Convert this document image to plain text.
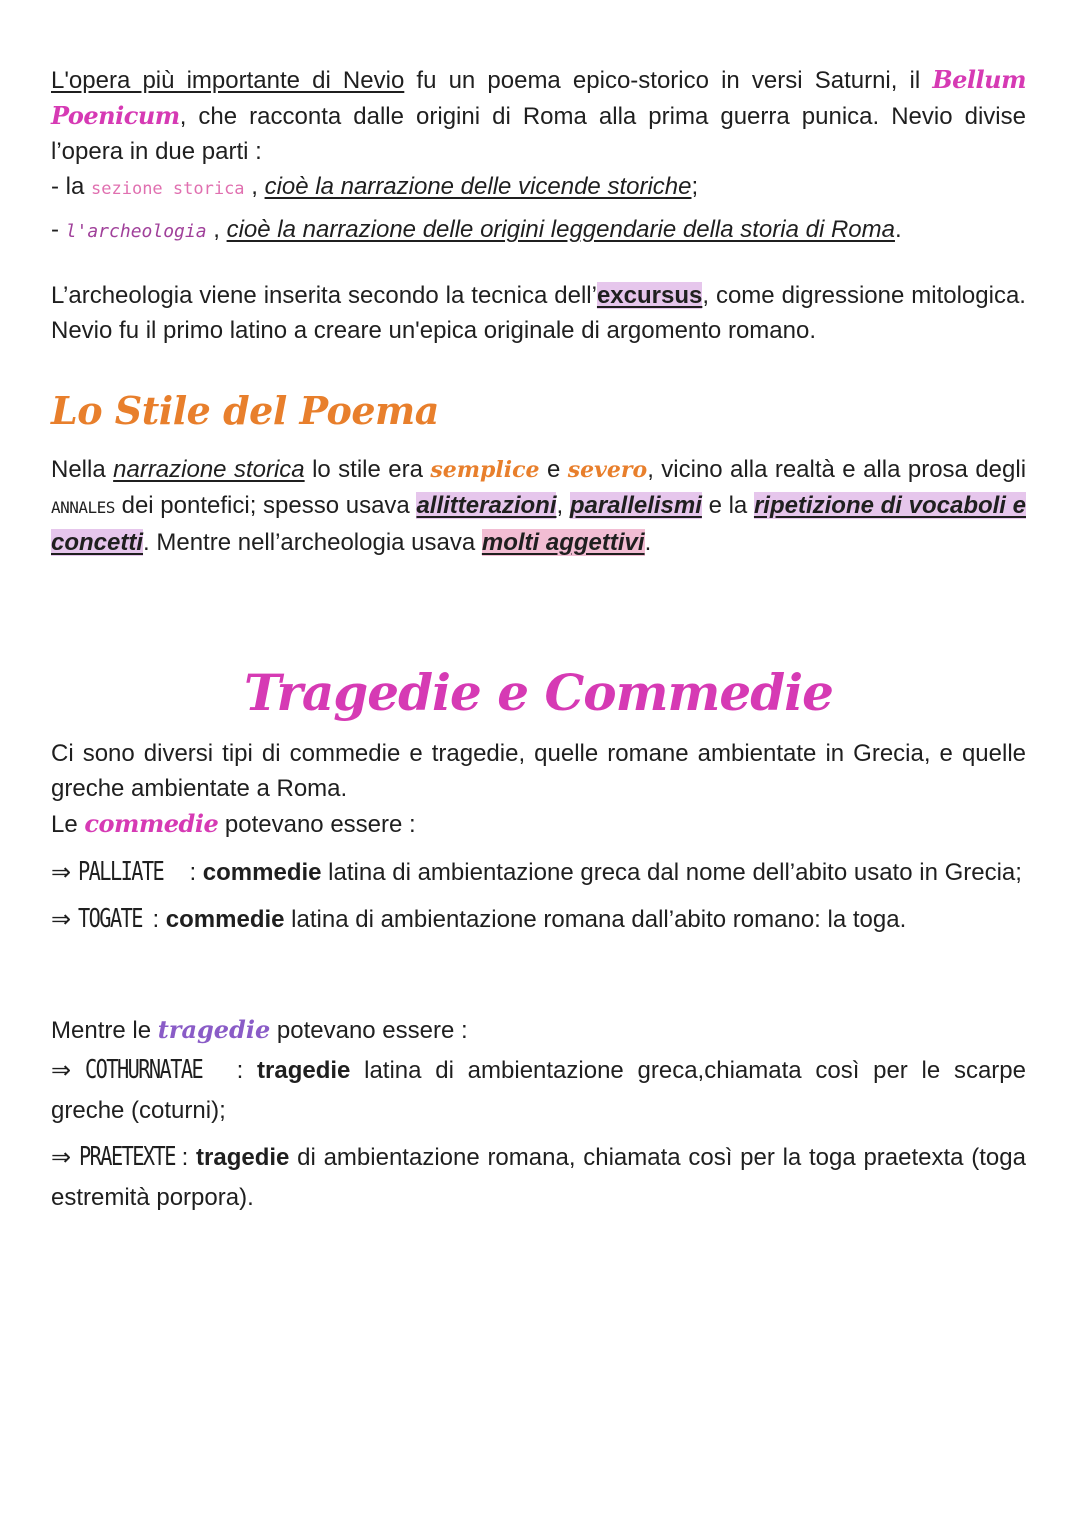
L'opera più importante di Nevio fu un poema epico-storico in versi Saturni, il Bellum Poenicum, che racconta dalle origini di Roma alla prima guerra punica. Nevio divise l’opera in due parti :

- la sezione storica , cioè la narrazione delle vicende storiche;

- l'archeologia , cioè la narrazione delle origini leggendarie della storia di Roma.

L’archeologia viene inserita secondo la tecnica dell’excursus, come digressione mitologica. Nevio fu il primo latino a creare un'epica originale di argomento romano.

Lo Stile del Poema

Nella narrazione storica lo stile era semplice e severo, vicino alla realtà e alla prosa degli ANNALES dei pontefici; spesso usava allitterazioni, parallelismi e la ripetizione di vocaboli e concetti. Mentre nell’archeologia usava molti aggettivi.

Tragedie e Commedie

Ci sono diversi tipi di commedie e tragedie, quelle romane ambientate in Grecia, e quelle greche ambientate a Roma.

Le commedie potevano essere :

⇒ PALLIATE : commedie latina di ambientazione greca dal nome dell’abito usato in Grecia;

⇒ TOGATE : commedie latina di ambientazione romana dall’abito romano: la toga.

Mentre le tragedie potevano essere :

⇒ COTHURNATAE : tragedie latina di ambientazione greca,chiamata così per le scarpe greche (coturni);

⇒ PRAETEXTE : tragedie di ambientazione romana, chiamata così per la toga praetexta (toga estremità porpora).
